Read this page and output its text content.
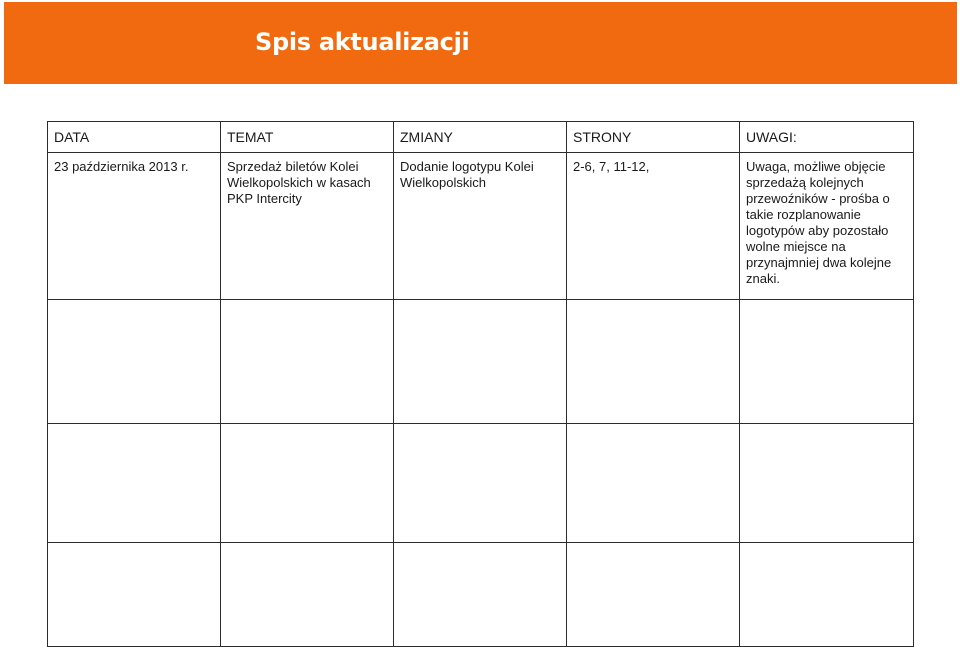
Spis aktualizacji
DATA	TEMAT	ZMIANY	STRONY	UWAGI:
23 października 2013 r.	Sprzedaż biletów Kolei Wielkopolskich w kasach PKP Intercity	Dodanie logotypu Kolei Wielkopolskich	2-6, 7, 11-12,	Uwaga, możliwe objęcie sprzedażą kolejnych przewoźników - prośba o takie rozplanowanie logotypów aby pozostało wolne miejsce na przynajmniej dwa kolejne znaki.
